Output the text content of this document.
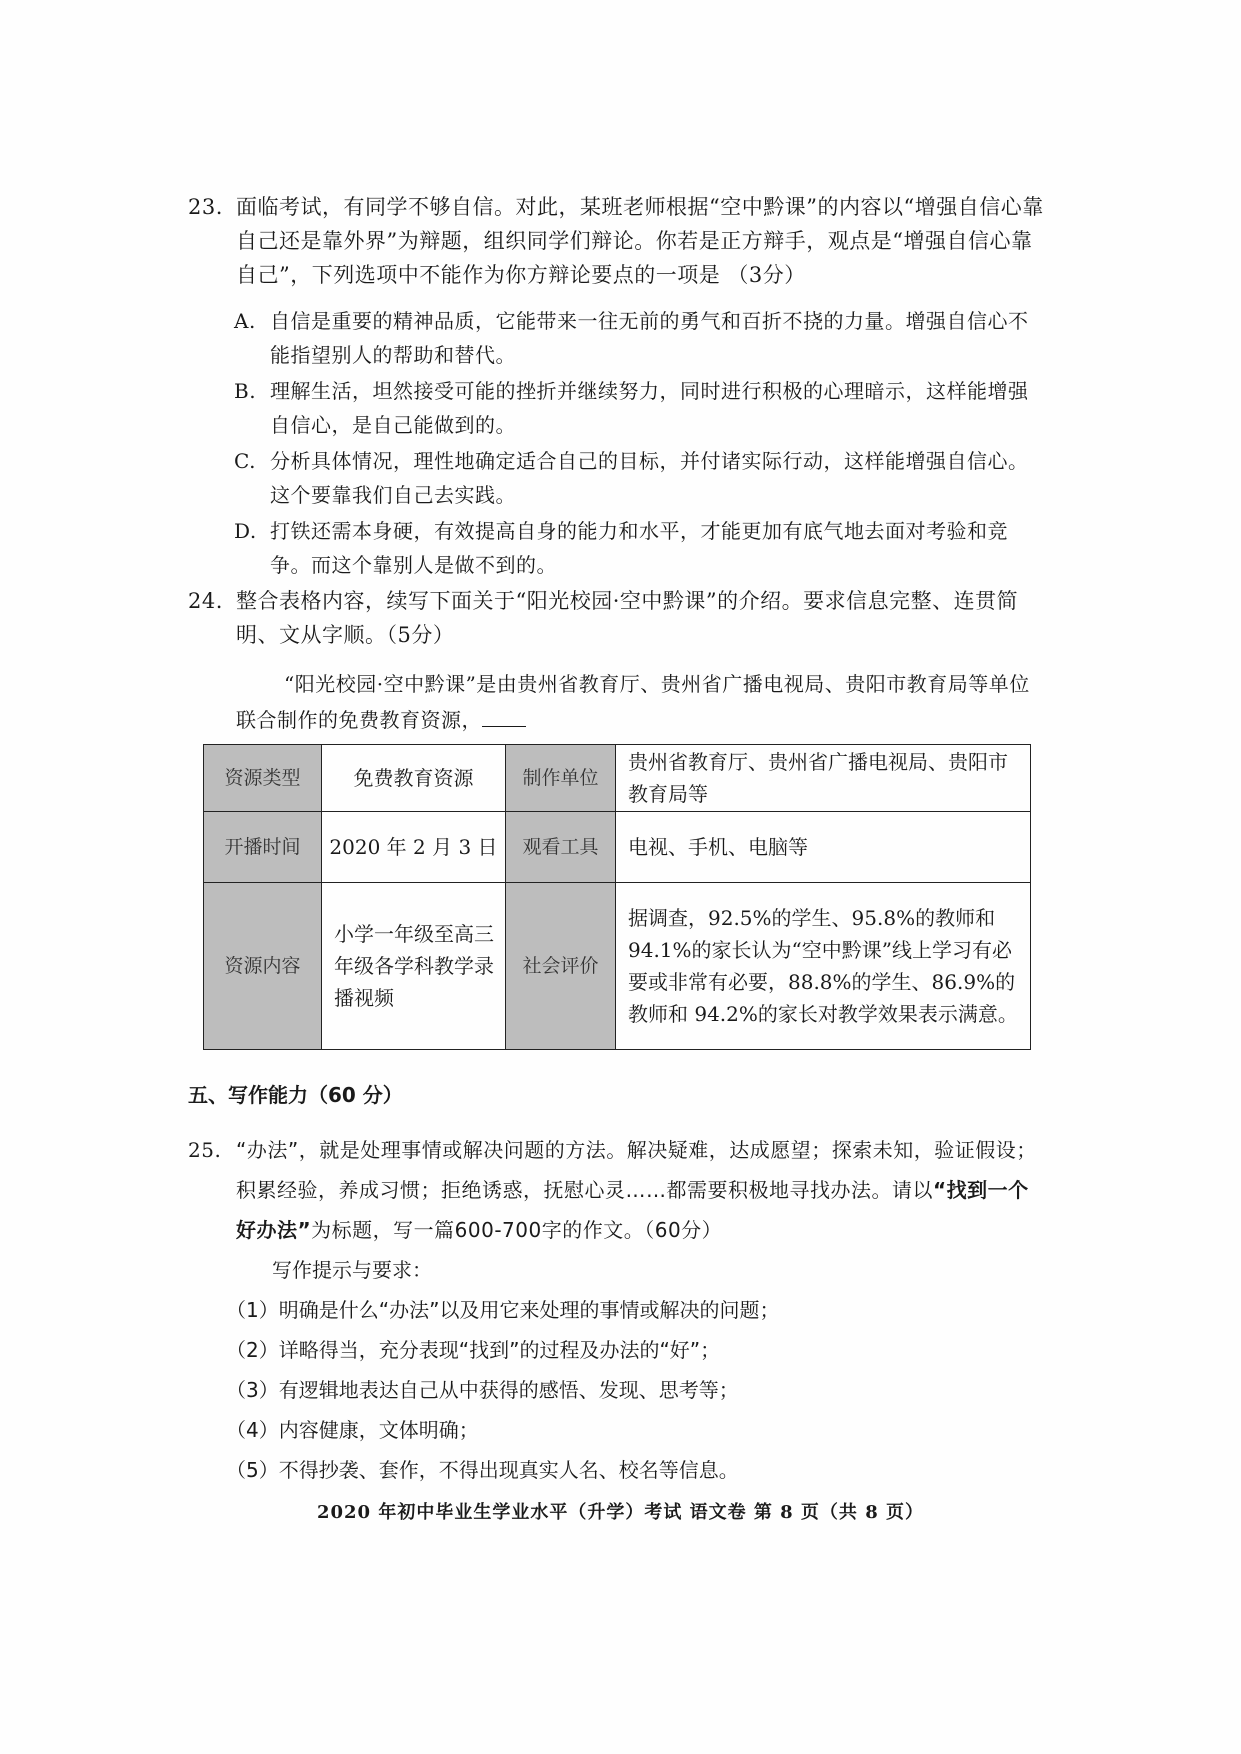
23. 面临考试，有同学不够自信。对此，某班老师根据“空中黔课”的内容以“增强自信心靠自己还是靠外界”为辩题，组织同学们辩论。你若是正方辩手，观点是“增强自信心靠自己”，下列选项中不能作为你方辩论要点的一项是 （3分）
A. 自信是重要的精神品质，它能带来一往无前的勇气和百折不挠的力量。增强自信心不能指望别人的帮助和替代。
B. 理解生活，坦然接受可能的挫折并继续努力，同时进行积极的心理暗示，这样能增强自信心，是自己能做到的。
C. 分析具体情况，理性地确定适合自己的目标，并付诸实际行动，这样能增强自信心。这个要靠我们自己去实践。
D. 打铁还需本身硬，有效提高自身的能力和水平，才能更加有底气地去面对考验和竞争。而这个靠别人是做不到的。
24. 整合表格内容，续写下面关于“阳光校园·空中黔课”的介绍。要求信息完整、连贯简明、文从字顺。（5分）
“阳光校园·空中黔课”是由贵州省教育厅、贵州省广播电视局、贵阳市教育局等单位联合制作的免费教育资源，
资源类型	免费教育资源	制作单位	贵州省教育厅、贵州省广播电视局、贵阳市教育局等
开播时间	2020 年 2 月 3 日	观看工具	电视、手机、电脑等
资源内容	小学一年级至高三年级各学科教学录播视频	社会评价	据调查，92.5%的学生、95.8%的教师和 94.1%的家长认为“空中黔课”线上学习有必要或非常有必要，88.8%的学生、86.9%的教师和 94.2%的家长对教学效果表示满意。
五、写作能力（60 分）
25. “办法”，就是处理事情或解决问题的方法。解决疑难，达成愿望；探索未知，验证假设；积累经验，养成习惯；拒绝诱惑，抚慰心灵……都需要积极地寻找办法。请以“找到一个好办法”为标题，写一篇600-700字的作文。（60分）
写作提示与要求：
（1）明确是什么“办法”以及用它来处理的事情或解决的问题；
（2）详略得当，充分表现“找到”的过程及办法的“好”；
（3）有逻辑地表达自己从中获得的感悟、发现、思考等；
（4）内容健康，文体明确；
（5）不得抄袭、套作，不得出现真实人名、校名等信息。
2020 年初中毕业生学业水平（升学）考试 语文卷 第 8 页（共 8 页）
